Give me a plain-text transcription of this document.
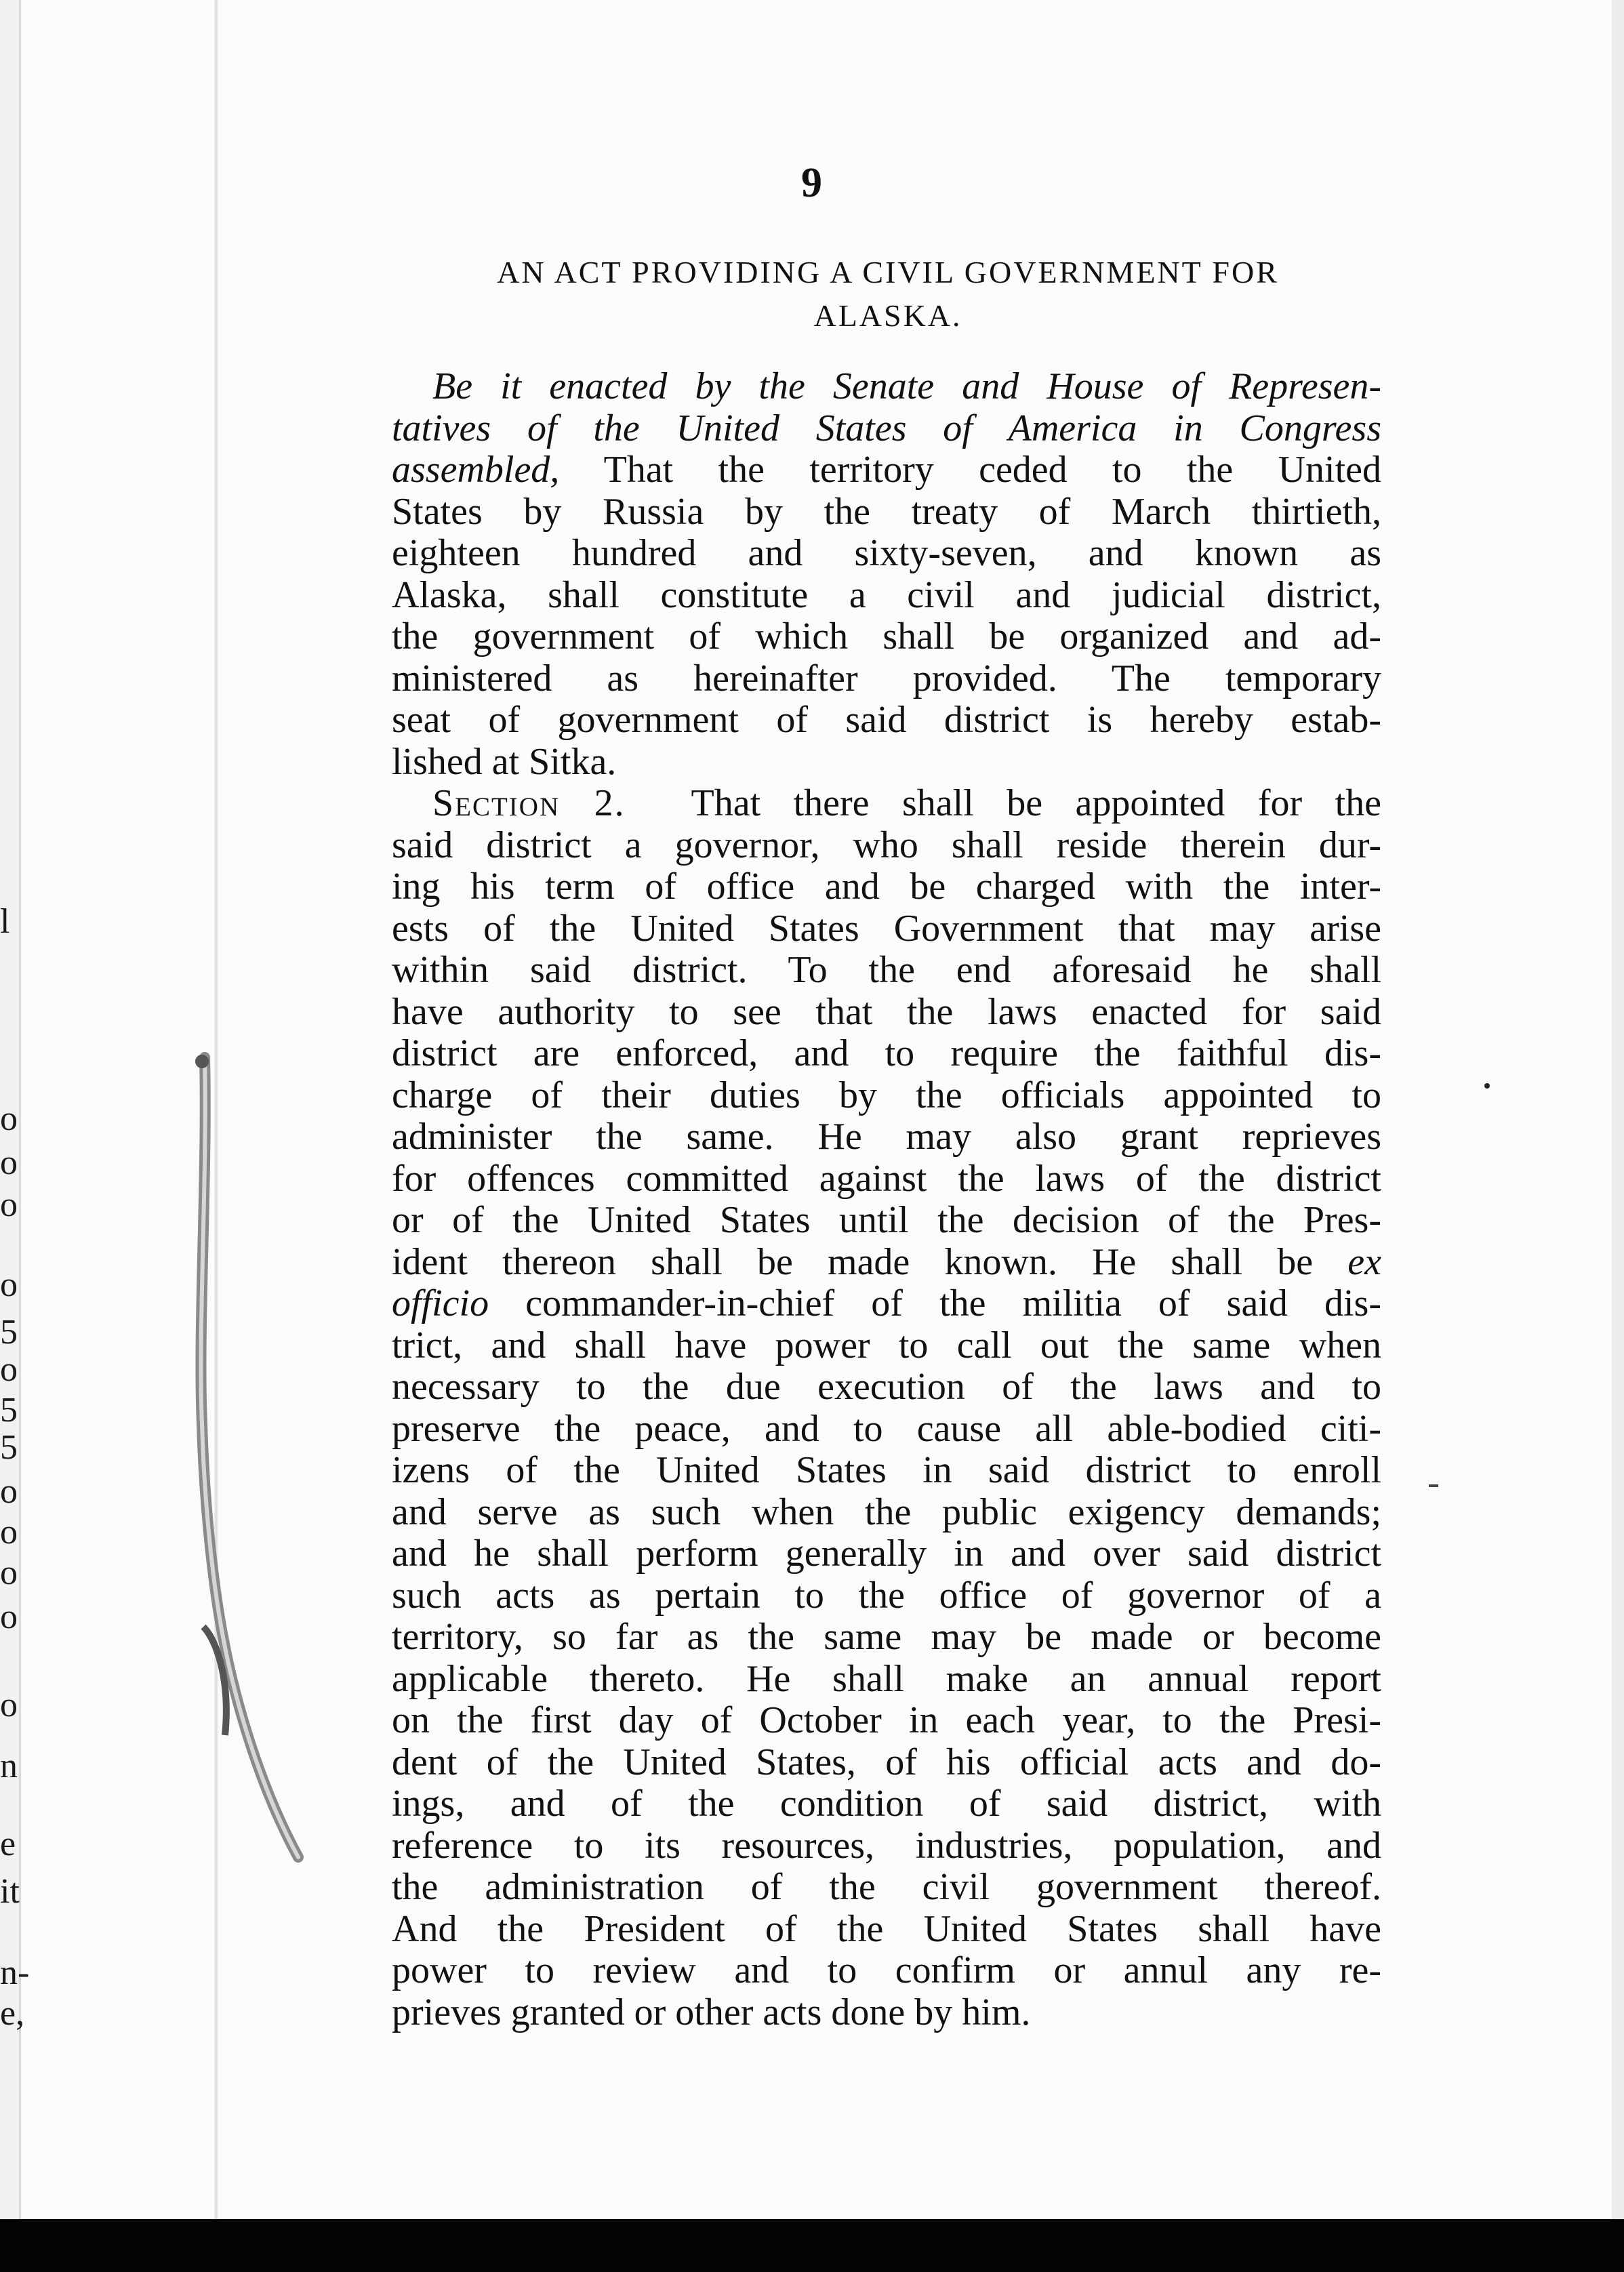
l
o
o
o
o
5
o
5
5
o
o
o
o
o
n
e
it
n-
e,
9
AN ACT PROVIDING A CIVIL GOVERNMENT FOR
ALASKA.

Be it enacted by the Senate and House of Represen-
tatives of the United States of America in Congress
assembled, That the territory ceded to the United
States by Russia by the treaty of March thirtieth,
eighteen hundred and sixty-seven, and known as
Alaska, shall constitute a civil and judicial district,
the government of which shall be organized and ad-
ministered as hereinafter provided. The temporary
seat of government of said district is hereby estab-
lished at Sitka.

Section 2. That there shall be appointed for the
said district a governor, who shall reside therein dur-
ing his term of office and be charged with the inter-
ests of the United States Government that may arise
within said district. To the end aforesaid he shall
have authority to see that the laws enacted for said
district are enforced, and to require the faithful dis-
charge of their duties by the officials appointed to
administer the same. He may also grant reprieves
for offences committed against the laws of the district
or of the United States until the decision of the Pres-
ident thereon shall be made known. He shall be ex
officio commander-in-chief of the militia of said dis-
trict, and shall have power to call out the same when
necessary to the due execution of the laws and to
preserve the peace, and to cause all able-bodied citi-
izens of the United States in said district to enroll
and serve as such when the public exigency demands;
and he shall perform generally in and over said district
such acts as pertain to the office of governor of a
territory, so far as the same may be made or become
applicable thereto. He shall make an annual report
on the first day of October in each year, to the Presi-
dent of the United States, of his official acts and do-
ings, and of the condition of said district, with
reference to its resources, industries, population, and
the administration of the civil government thereof.
And the President of the United States shall have
power to review and to confirm or annul any re-
prieves granted or other acts done by him.
